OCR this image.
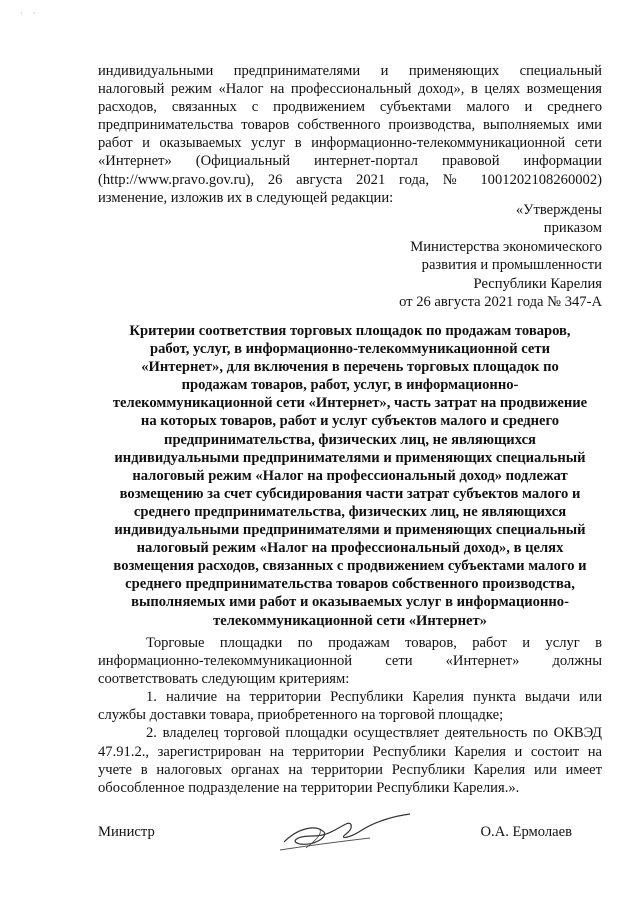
· ·
индивидуальными предпринимателями и применяющих специальный
налоговый режим «Налог на профессиональный доход», в целях возмещения
расходов, связанных с продвижением субъектами малого и среднего
предпринимательства товаров собственного производства, выполняемых ими
работ и оказываемых услуг в информационно-телекоммуникационной сети
«Интернет» (Официальный интернет-портал правовой информации
(http://www.pravo.gov.ru), 26 августа 2021 года, № 1001202108260002)
изменение, изложив их в следующей редакции:
«Утверждены
приказом
Министерства экономического
развития и промышленности
Республики Карелия
от 26 августа 2021 года № 347-А
Критерии соответствия торговых площадок по продажам товаров,
работ, услуг, в информационно-телекоммуникационной сети
«Интернет», для включения в перечень торговых площадок по
продажам товаров, работ, услуг, в информационно-
телекоммуникационной сети «Интернет», часть затрат на продвижение
на которых товаров, работ и услуг субъектов малого и среднего
предпринимательства, физических лиц, не являющихся
индивидуальными предпринимателями и применяющих специальный
налоговый режим «Налог на профессиональный доход» подлежат
возмещению за счет субсидирования части затрат субъектов малого и
среднего предпринимательства, физических лиц, не являющихся
индивидуальными предпринимателями и применяющих специальный
налоговый режим «Налог на профессиональный доход», в целях
возмещения расходов, связанных с продвижением субъектами малого и
среднего предпринимательства товаров собственного производства,
выполняемых ими работ и оказываемых услуг в информационно-
телекоммуникационной сети «Интернет»
Торговые площадки по продажам товаров, работ и услуг в
информационно-телекоммуникационной сети «Интернет» должны
соответствовать следующим критериям:
1. наличие на территории Республики Карелия пункта выдачи или
службы доставки товара, приобретенного на торговой площадке;
2. владелец торговой площадки осуществляет деятельность по ОКВЭД
47.91.2., зарегистрирован на территории Республики Карелия и состоит на
учете в налоговых органах на территории Республики Карелия или имеет
обособленное подразделение на территории Республики Карелия.».
Министр	О.А. Ермолаев
